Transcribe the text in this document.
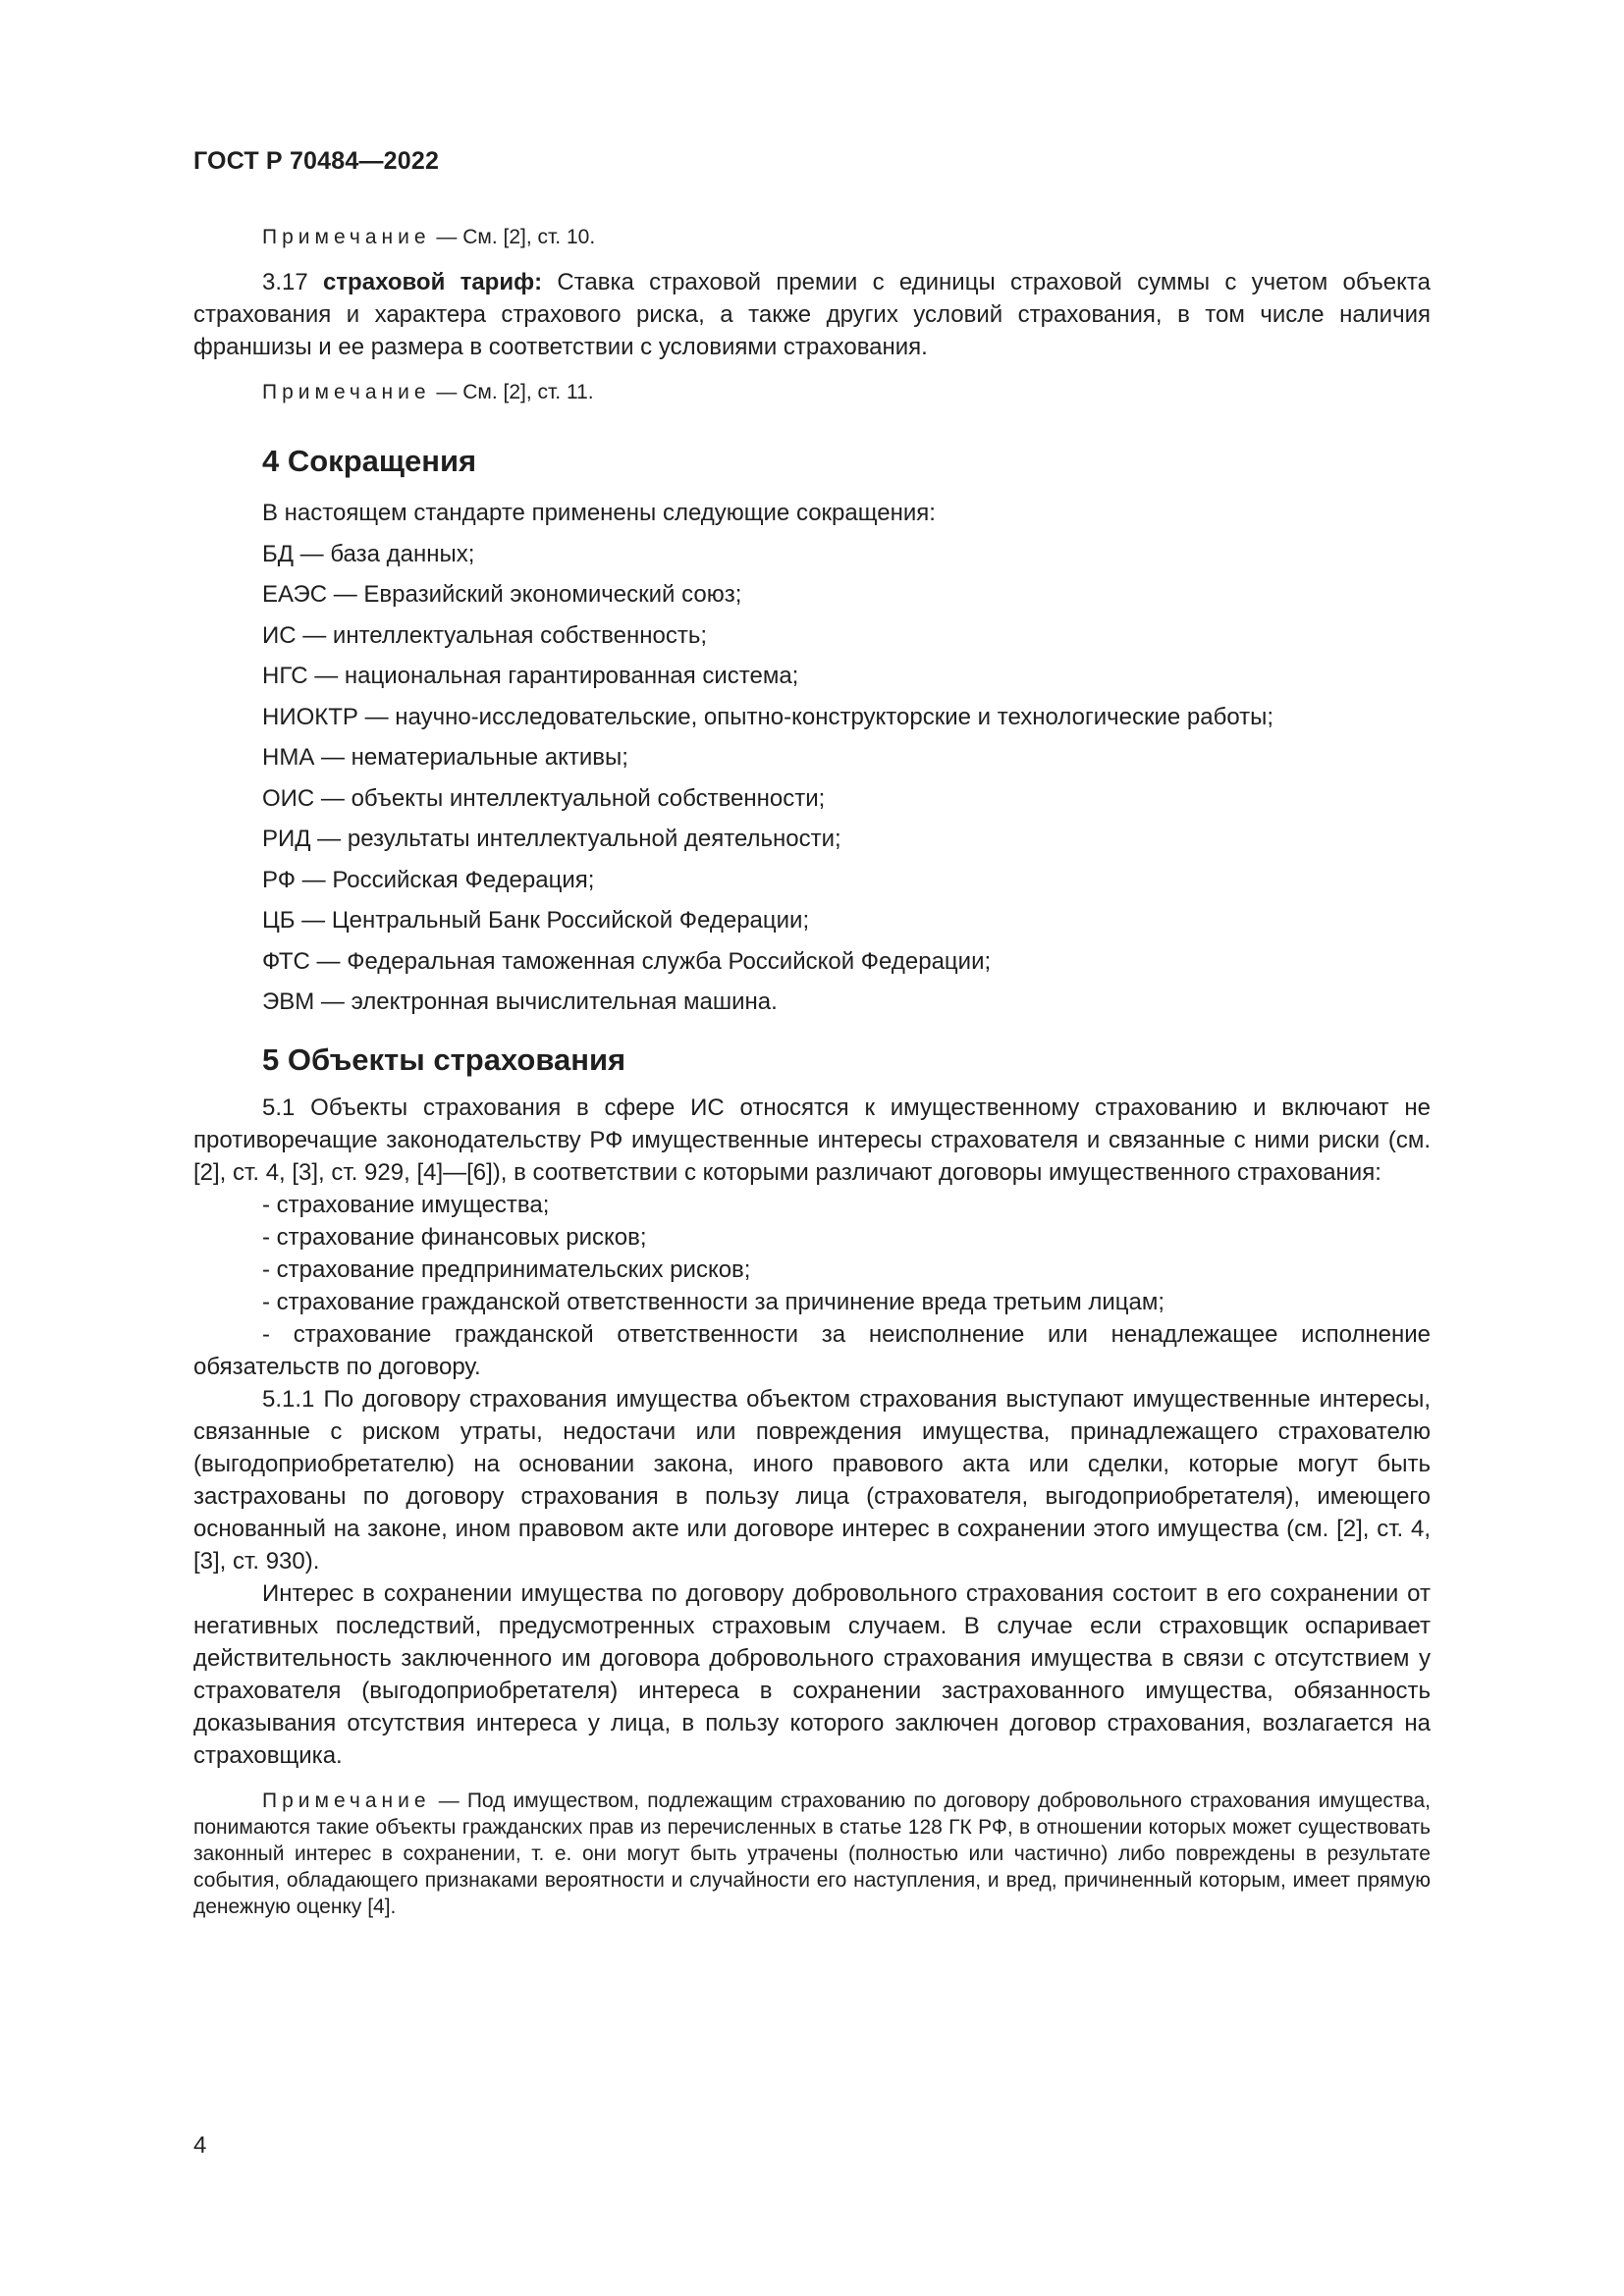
ГОСТ Р 70484—2022

Примечание — См. [2], ст. 10.

3.17 страховой тариф: Ставка страховой премии с единицы страховой суммы с учетом объекта страхования и характера страхового риска, а также других условий страхования, в том числе наличия франшизы и ее размера в соответствии с условиями страхования.

Примечание — См. [2], ст. 11.

4 Сокращения

В настоящем стандарте применены следующие сокращения:

БД — база данных;

ЕАЭС — Евразийский экономический союз;

ИС — интеллектуальная собственность;

НГС — национальная гарантированная система;

НИОКТР — научно-исследовательские, опытно-конструкторские и технологические работы;

НМА — нематериальные активы;

ОИС — объекты интеллектуальной собственности;

РИД — результаты интеллектуальной деятельности;

РФ — Российская Федерация;

ЦБ — Центральный Банк Российской Федерации;

ФТС — Федеральная таможенная служба Российской Федерации;

ЭВМ — электронная вычислительная машина.

5 Объекты страхования

5.1 Объекты страхования в сфере ИС относятся к имущественному страхованию и включают не противоречащие законодательству РФ имущественные интересы страхователя и связанные с ними риски (см. [2], ст. 4, [3], ст. 929, [4]—[6]), в соответствии с которыми различают договоры имущественного страхования:

- страхование имущества;

- страхование финансовых рисков;

- страхование предпринимательских рисков;

- страхование гражданской ответственности за причинение вреда третьим лицам;

- страхование гражданской ответственности за неисполнение или ненадлежащее исполнение обязательств по договору.

5.1.1 По договору страхования имущества объектом страхования выступают имущественные интересы, связанные с риском утраты, недостачи или повреждения имущества, принадлежащего страхователю (выгодоприобретателю) на основании закона, иного правового акта или сделки, которые могут быть застрахованы по договору страхования в пользу лица (страхователя, выгодоприобретателя), имеющего основанный на законе, ином правовом акте или договоре интерес в сохранении этого имущества (см. [2], ст. 4, [3], ст. 930).

Интерес в сохранении имущества по договору добровольного страхования состоит в его сохранении от негативных последствий, предусмотренных страховым случаем. В случае если страховщик оспаривает действительность заключенного им договора добровольного страхования имущества в связи с отсутствием у страхователя (выгодоприобретателя) интереса в сохранении застрахованного имущества, обязанность доказывания отсутствия интереса у лица, в пользу которого заключен договор страхования, возлагается на страховщика.

Примечание — Под имуществом, подлежащим страхованию по договору добровольного страхования имущества, понимаются такие объекты гражданских прав из перечисленных в статье 128 ГК РФ, в отношении которых может существовать законный интерес в сохранении, т. е. они могут быть утрачены (полностью или частично) либо повреждены в результате события, обладающего признаками вероятности и случайности его наступления, и вред, причиненный которым, имеет прямую денежную оценку [4].

4
